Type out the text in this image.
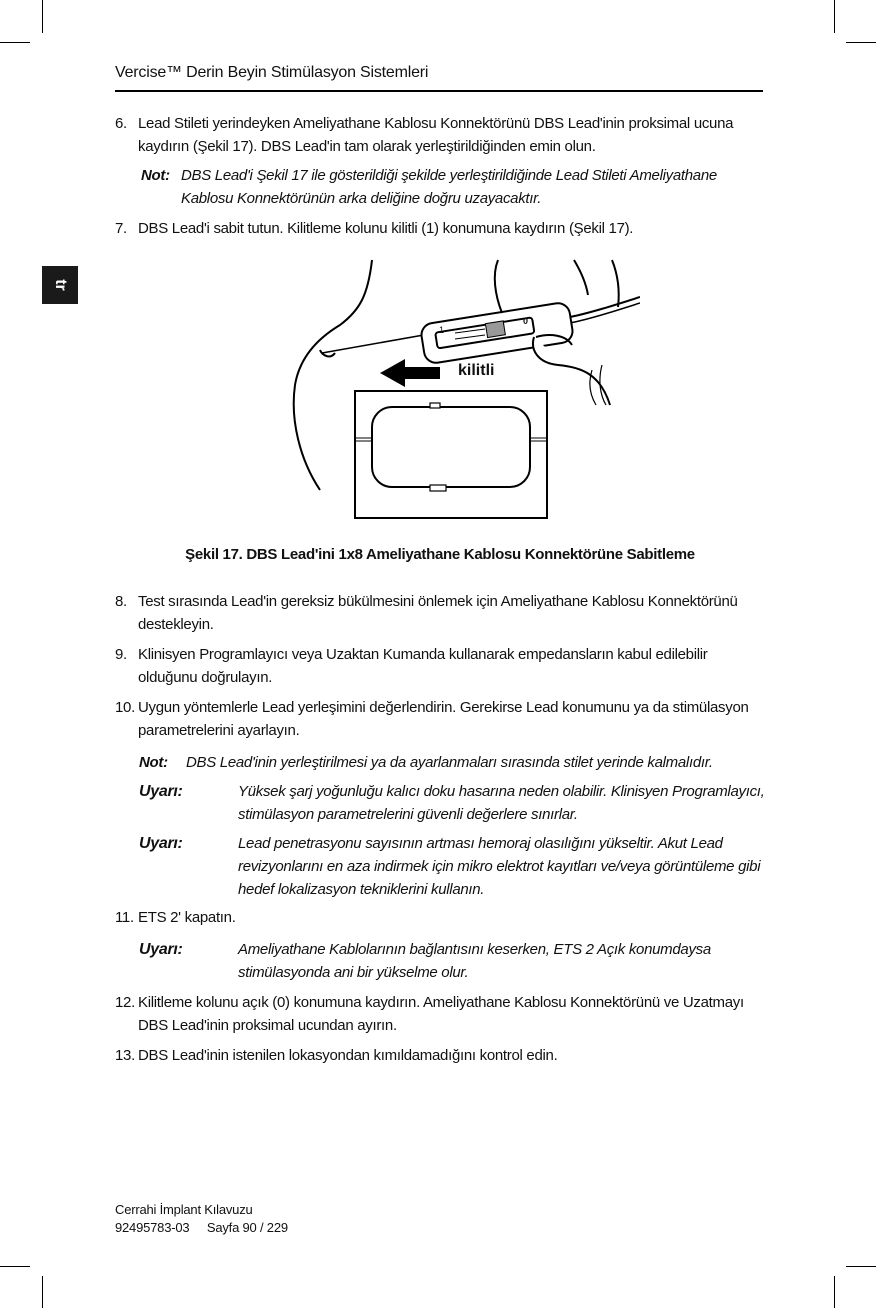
Vercise™ Derin Beyin Stimülasyon Sistemleri
tr
6. Lead Stileti yerindeyken Ameliyathane Kablosu Konnektörünü DBS Lead'inin proksimal ucuna kaydırın (Şekil 17). DBS Lead'in tam olarak yerleştirildiğinden emin olun.
Not: DBS Lead'i Şekil 17 ile gösterildiği şekilde yerleştirildiğinde Lead Stileti Ameliyathane Kablosu Konnektörünün arka deliğine doğru uzayacaktır.
7. DBS Lead'i sabit tutun. Kilitleme kolunu kilitli (1) konumuna kaydırın (Şekil 17).
1
0
kilitli
Şekil 17. DBS Lead'ini 1x8 Ameliyathane Kablosu Konnektörüne Sabitleme
8. Test sırasında Lead'in gereksiz bükülmesini önlemek için Ameliyathane Kablosu Konnektörünü destekleyin.
9. Klinisyen Programlayıcı veya Uzaktan Kumanda kullanarak empedansların kabul edilebilir olduğunu doğrulayın.
10. Uygun yöntemlerle Lead yerleşimini değerlendirin. Gerekirse Lead konumunu ya da stimülasyon parametrelerini ayarlayın.
Not:	DBS Lead'inin yerleştirilmesi ya da ayarlanmaları sırasında stilet yerinde kalmalıdır.
Uyarı:	Yüksek şarj yoğunluğu kalıcı doku hasarına neden olabilir. Klinisyen Programlayıcı, stimülasyon parametrelerini güvenli değerlere sınırlar.
Uyarı:	Lead penetrasyonu sayısının artması hemoraj olasılığını yükseltir. Akut Lead revizyonlarını en aza indirmek için mikro elektrot kayıtları ve/veya görüntüleme gibi hedef lokalizasyon tekniklerini kullanın.
11. ETS 2' kapatın.
Uyarı:	Ameliyathane Kablolarının bağlantısını keserken, ETS 2 Açık konumdaysa stimülasyonda ani bir yükselme olur.
12. Kilitleme kolunu açık (0) konumuna kaydırın. Ameliyathane Kablosu Konnektörünü ve Uzatmayı DBS Lead'inin proksimal ucundan ayırın.
13. DBS Lead'inin istenilen lokasyondan kımıldamadığını kontrol edin.
Cerrahi İmplant Kılavuzu
92495783-03 Sayfa 90 / 229
